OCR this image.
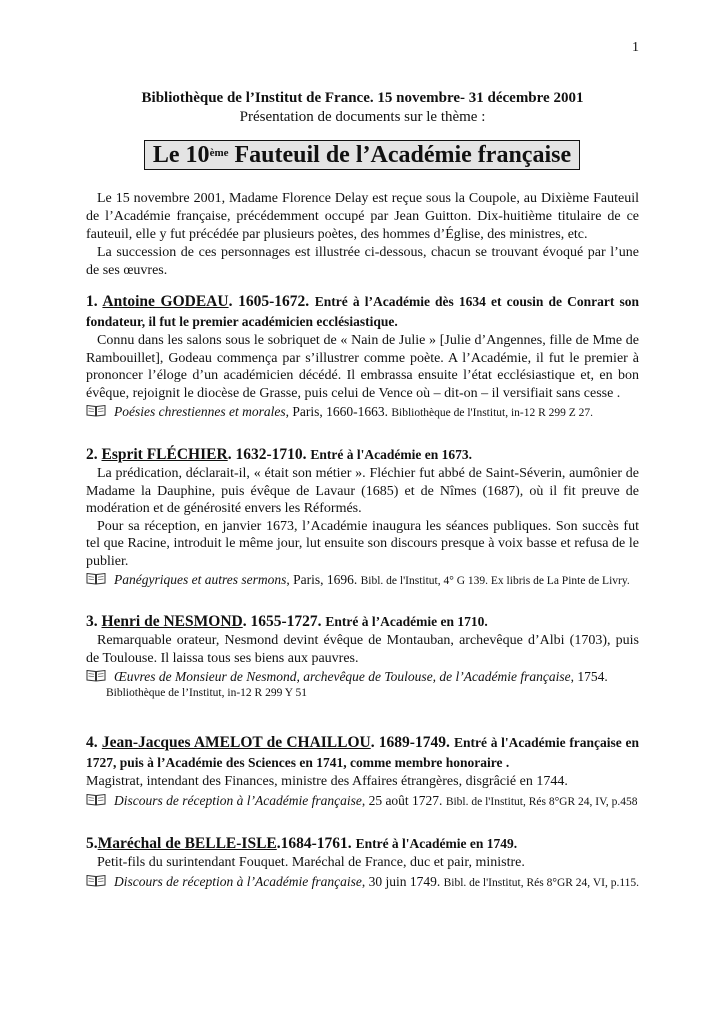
1
Bibliothèque de l’Institut de France. 15 novembre- 31 décembre 2001
Présentation de documents sur le thème :
Le 10ème Fauteuil de l’Académie française

Le 15 novembre 2001, Madame Florence Delay est reçue sous la Coupole, au Dixième Fauteuil de l’Académie française, précédemment occupé par Jean Guitton. Dix-huitième titulaire de ce fauteuil, elle y fut précédée par plusieurs poètes, des hommes d’Église, des ministres, etc.

La succession de ces personnages est illustrée ci-dessous, chacun se trouvant évoqué par l’une de ses œuvres.

1. Antoine GODEAU. 1605-1672. Entré à l’Académie dès 1634 et cousin de Conrart son fondateur, il fut le premier académicien ecclésiastique.

Connu dans les salons sous le sobriquet de « Nain de Julie » [Julie d’Angennes, fille de Mme de Rambouillet], Godeau commença par s’illustrer comme poète. A l’Académie, il fut le premier à prononcer l’éloge d’un académicien décédé. Il embrassa ensuite l’état ecclésiastique et, en bon évêque, rejoignit le diocèse de Grasse, puis celui de Vence où – dit-on – il versifiait sans cesse .

Poésies chrestiennes et morales, Paris, 1660-1663. Bibliothèque de l'Institut, in-12 R 299 Z 27.
2. Esprit FLÉCHIER. 1632-1710. Entré à l'Académie en 1673.

La prédication, déclarait-il, « était son métier ». Fléchier fut abbé de Saint-Séverin, aumônier de Madame la Dauphine, puis évêque de Lavaur (1685) et de Nîmes (1687), où il fit preuve de modération et de générosité envers les Réformés.

Pour sa réception, en janvier 1673, l’Académie inaugura les séances publiques. Son succès fut tel que Racine, introduit le même jour, lut ensuite son discours presque à voix basse et refusa de le publier.

Panégyriques et autres sermons, Paris, 1696. Bibl. de l'Institut, 4° G 139. Ex libris de La Pinte de Livry.
3. Henri de NESMOND. 1655-1727. Entré à l’Académie en 1710.

Remarquable orateur, Nesmond devint évêque de Montauban, archevêque d’Albi (1703), puis de Toulouse. Il laissa tous ses biens aux pauvres.

Œuvres de Monsieur de Nesmond, archevêque de Toulouse, de l’Académie française, 1754.
Bibliothèque de l’Institut, in-12 R 299 Y 51
4. Jean-Jacques AMELOT de CHAILLOU. 1689-1749. Entré à l'Académie française en 1727, puis à l’Académie des Sciences en 1741, comme membre honoraire .

Magistrat, intendant des Finances, ministre des Affaires étrangères, disgrâcié en 1744.

Discours de réception à l’Académie française, 25 août 1727. Bibl. de l'Institut, Rés 8°GR 24, IV, p.458
5.Maréchal de BELLE-ISLE.1684-1761. Entré à l'Académie en 1749.

Petit-fils du surintendant Fouquet. Maréchal de France, duc et pair, ministre.

Discours de réception à l’Académie française, 30 juin 1749. Bibl. de l'Institut, Rés 8°GR 24, VI, p.115.
